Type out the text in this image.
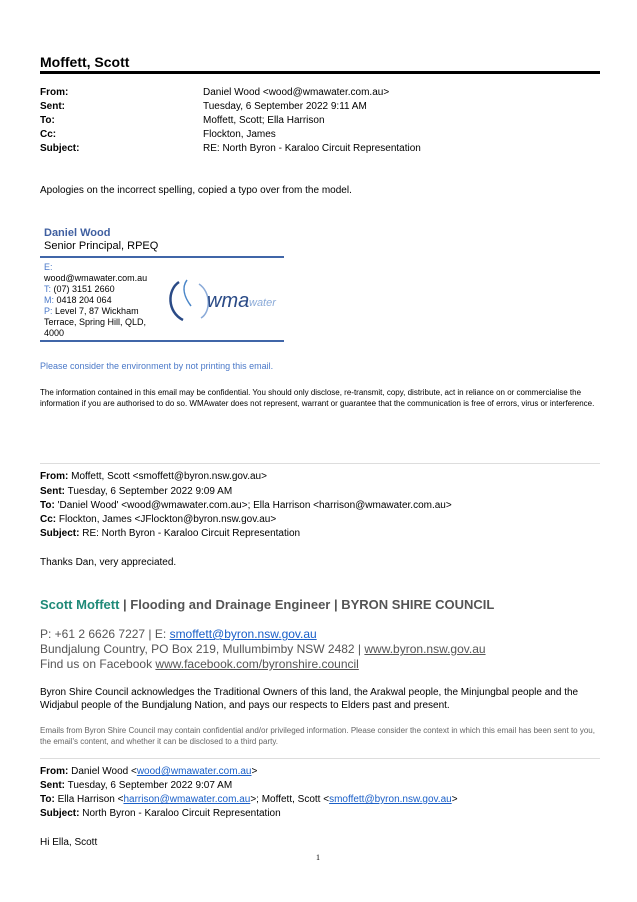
Moffett, Scott
From:	Daniel Wood <wood@wmawater.com.au>
Sent:	Tuesday, 6 September 2022 9:11 AM
To:	Moffett, Scott; Ella Harrison
Cc:	Flockton, James
Subject:	RE: North Byron - Karaloo Circuit Representation
Apologies on the incorrect spelling, copied a typo over from the model.
Daniel Wood
Senior Principal, RPEQ
E:
wood@wmawater.com.au
T: (07) 3151 2660
M: 0418 204 064
P: Level 7, 87 Wickham
Terrace, Spring Hill, QLD,
4000
wma water
Please consider the environment by not printing this email.
The information contained in this email may be confidential. You should only disclose, re-transmit, copy, distribute, act in reliance on or commercialise the information if you are authorised to do so. WMAwater does not represent, warrant or guarantee that the communication is free of errors, virus or interference.
From: Moffett, Scott <smoffett@byron.nsw.gov.au>
Sent: Tuesday, 6 September 2022 9:09 AM
To: 'Daniel Wood' <wood@wmawater.com.au>; Ella Harrison <harrison@wmawater.com.au>
Cc: Flockton, James <JFlockton@byron.nsw.gov.au>
Subject: RE: North Byron - Karaloo Circuit Representation
Thanks Dan, very appreciated.
Scott Moffett | Flooding and Drainage Engineer | BYRON SHIRE COUNCIL
P: +61 2 6626 7227 | E: smoffett@byron.nsw.gov.au
Bundjalung Country, PO Box 219, Mullumbimby NSW 2482 | www.byron.nsw.gov.au
Find us on Facebook www.facebook.com/byronshire.council
Byron Shire Council acknowledges the Traditional Owners of this land, the Arakwal people, the Minjungbal people and the Widjabul people of the Bundjalung Nation, and pays our respects to Elders past and present.
Emails from Byron Shire Council may contain confidential and/or privileged information. Please consider the context in which this email has been sent to you, the email's content, and whether it can be disclosed to a third party.
From: Daniel Wood <wood@wmawater.com.au>
Sent: Tuesday, 6 September 2022 9:07 AM
To: Ella Harrison <harrison@wmawater.com.au>; Moffett, Scott <smoffett@byron.nsw.gov.au>
Subject: North Byron - Karaloo Circuit Representation
Hi Ella, Scott
1
